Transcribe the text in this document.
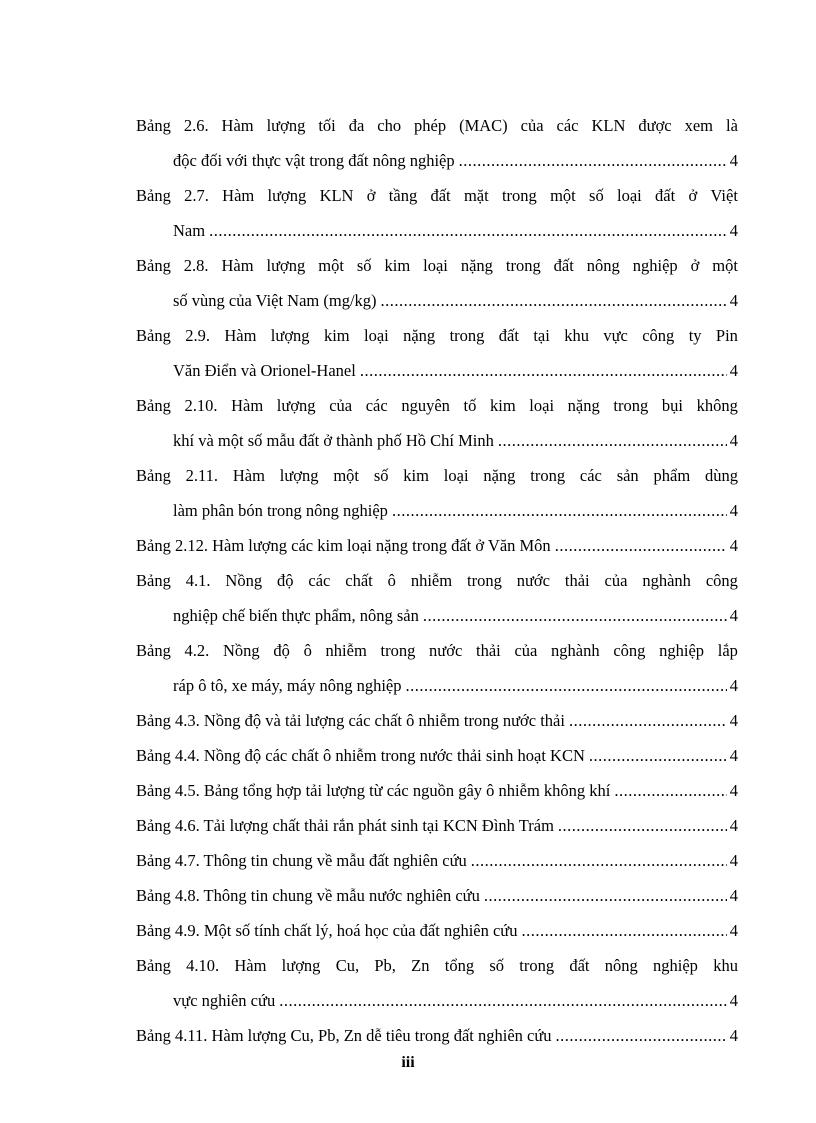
Bảng 2.6. Hàm lượng tối đa cho phép (MAC) của các KLN được xem là
độc đối với thực vật trong đất nông nghiệp .....	4
Bảng 2.7. Hàm lượng KLN ở tầng đất mặt trong một số loại đất ở Việt
Nam .....	4
Bảng 2.8. Hàm lượng một số kim loại nặng trong đất nông nghiệp ở một
số vùng của Việt Nam (mg/kg) .....	4
Bảng 2.9. Hàm lượng kim loại nặng trong đất tại khu vực công ty Pin
Văn Điển và Orionel-Hanel .....	4
Bảng 2.10. Hàm lượng của các nguyên tố kim loại nặng trong bụi không
khí và một số mẫu đất ở thành phố Hồ Chí Minh .....	4
Bảng 2.11. Hàm lượng một số kim loại nặng trong các sản phẩm dùng
làm phân bón trong nông nghiệp .....	4
Bảng 2.12. Hàm lượng các kim loại nặng trong đất ở Văn Môn .....	4
Bảng 4.1. Nồng độ các chất ô nhiễm trong nước thải của nghành công
nghiệp chế biến thực phẩm, nông sản .....	4
Bảng 4.2. Nồng độ ô nhiễm trong nước thải của nghành công nghiệp lắp
ráp ô tô, xe máy, máy nông nghiệp .....	4
Bảng 4.3. Nồng độ và tải lượng các chất ô nhiễm trong nước thải .....	4
Bảng 4.4. Nồng độ các chất ô nhiễm trong nước thải sinh hoạt KCN .....	4
Bảng 4.5. Bảng tổng hợp tải lượng từ các nguồn gây ô nhiễm không khí .....	4
Bảng 4.6. Tải lượng chất thải rắn phát sinh tại KCN Đình Trám .....	4
Bảng 4.7. Thông tin chung về mẫu đất nghiên cứu .....	4
Bảng 4.8. Thông tin chung về mẫu nước nghiên cứu .....	4
Bảng 4.9. Một số tính chất lý, hoá học của đất nghiên cứu .....	4
Bảng 4.10. Hàm lượng Cu, Pb, Zn tổng số trong đất nông nghiệp khu
vực nghiên cứu .....	4
Bảng 4.11. Hàm lượng Cu, Pb, Zn dễ tiêu trong đất nghiên cứu .....	4
iii
